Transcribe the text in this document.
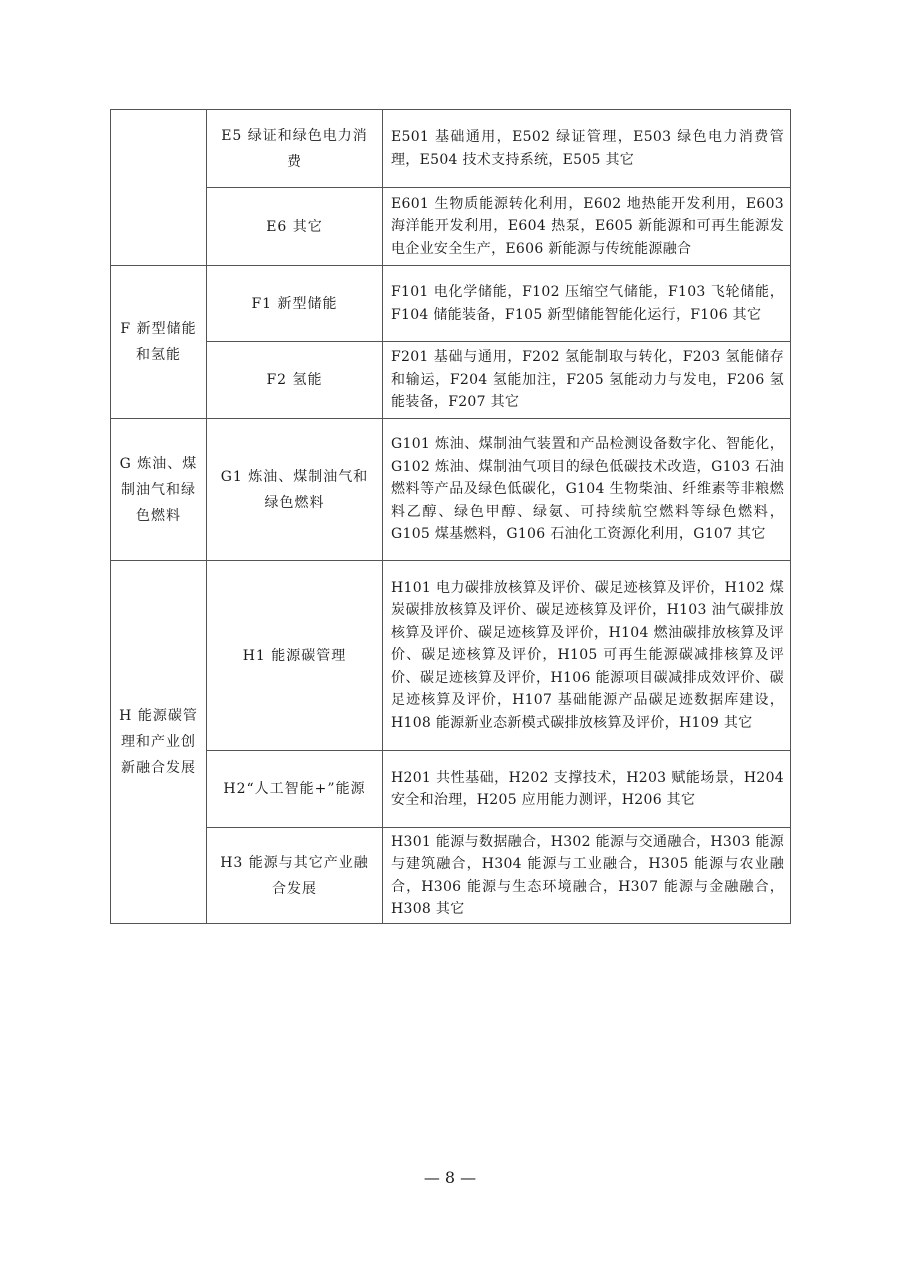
	E5 绿证和绿色电力消费	E501 基础通用，E502 绿证管理，E503 绿色电力消费管理，E504 技术支持系统，E505 其它
	E6 其它	E601 生物质能源转化利用，E602 地热能开发利用，E603 海洋能开发利用，E604 热泵，E605 新能源和可再生能源发电企业安全生产，E606 新能源与传统能源融合
F 新型储能和氢能	F1 新型储能	F101 电化学储能，F102 压缩空气储能，F103 飞轮储能，F104 储能装备，F105 新型储能智能化运行，F106 其它
	F2 氢能	F201 基础与通用，F202 氢能制取与转化，F203 氢能储存和输运，F204 氢能加注，F205 氢能动力与发电，F206 氢能装备，F207 其它
G 炼油、煤制油气和绿色燃料	G1 炼油、煤制油气和绿色燃料	G101 炼油、煤制油气装置和产品检测设备数字化、智能化，G102 炼油、煤制油气项目的绿色低碳技术改造，G103 石油燃料等产品及绿色低碳化，G104 生物柴油、纤维素等非粮燃料乙醇、绿色甲醇、绿氨、可持续航空燃料等绿色燃料，G105 煤基燃料，G106 石油化工资源化利用，G107 其它
H 能源碳管理和产业创新融合发展	H1 能源碳管理	H101 电力碳排放核算及评价、碳足迹核算及评价，H102 煤炭碳排放核算及评价、碳足迹核算及评价，H103 油气碳排放核算及评价、碳足迹核算及评价，H104 燃油碳排放核算及评价、碳足迹核算及评价，H105 可再生能源碳减排核算及评价、碳足迹核算及评价，H106 能源项目碳减排成效评价、碳足迹核算及评价，H107 基础能源产品碳足迹数据库建设，H108 能源新业态新模式碳排放核算及评价，H109 其它
	H2“人工智能+”能源	H201 共性基础，H202 支撑技术，H203 赋能场景，H204 安全和治理，H205 应用能力测评，H206 其它
	H3 能源与其它产业融合发展	H301 能源与数据融合，H302 能源与交通融合，H303 能源与建筑融合，H304 能源与工业融合，H305 能源与农业融合，H306 能源与生态环境融合，H307 能源与金融融合，H308 其它
— 8 —
